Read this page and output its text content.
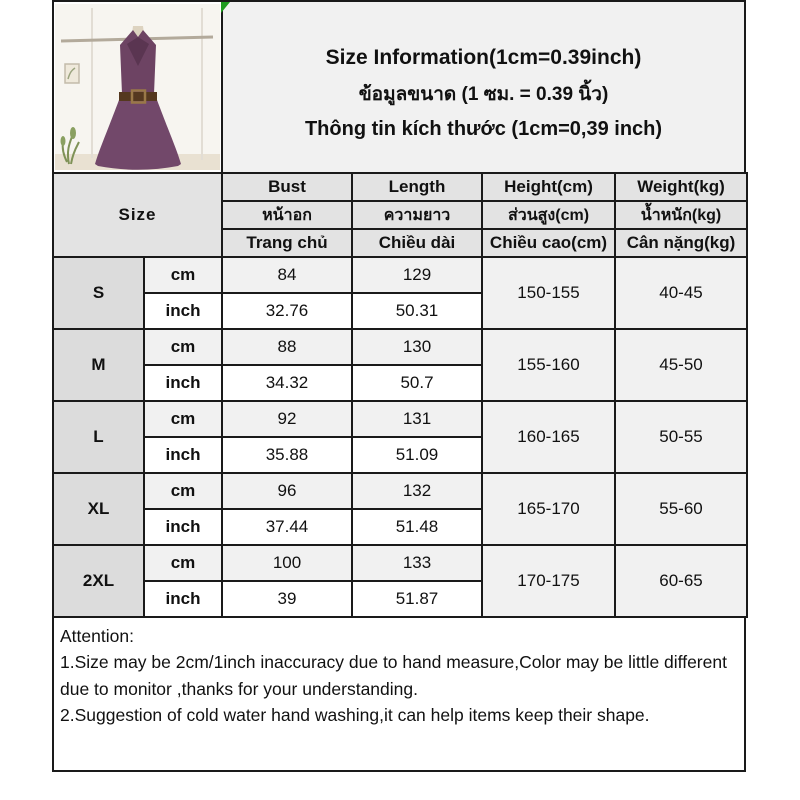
Size Information(1cm=0.39inch)
ข้อมูลขนาด (1 ซม. = 0.39 นิ้ว)
Thông tin kích thước (1cm=0,39 inch)
Size		Bust	Length	Height(cm)	Weight(kg)
		หน้าอก	ความยาว	ส่วนสูง(cm)	น้ำหนัก(kg)
		Trang chủ	Chiều dài	Chiều cao(cm)	Cân nặng(kg)
S	cm	84	129	150-155	40-45
	inch	32.76	50.31		
M	cm	88	130	155-160	45-50
	inch	34.32	50.7		
L	cm	92	131	160-165	50-55
	inch	35.88	51.09		
XL	cm	96	132	165-170	55-60
	inch	37.44	51.48		
2XL	cm	100	133	170-175	60-65
	inch	39	51.87		

Attention:

1.Size may be 2cm/1inch inaccuracy due to hand measure,Color may be little different due to monitor ,thanks for your understanding.

2.Suggestion of cold water hand washing,it can help items keep their shape.
